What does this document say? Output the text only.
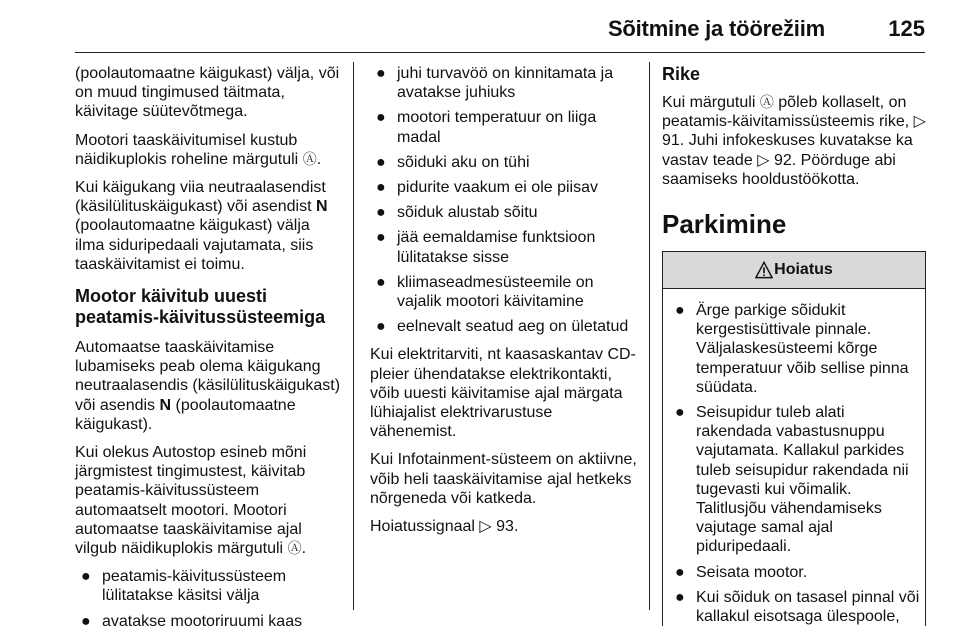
Sõitmine ja töörežiim	125

(poolautomaatne käigukast) välja, või on muud tingimused täitmata, käivitage süütevõtmega.

Mootori taaskäivitumisel kustub näidikuplokis roheline märgutuli Ⓐ.

Kui käigukang viia neutraalasendist (käsilülituskäigukast) või asendist N (poolautomaatne käigukast) välja ilma siduripedaali vajutamata, siis taaskäivitamist ei toimu.

Mootor käivitub uuesti peatamis-käivitussüsteemiga

Automaatse taaskäivitamise lubamiseks peab olema käigukang neutraalasendis (käsilülituskäigukast) või asendis N (poolautomaatne käigukast).

Kui olekus Autostop esineb mõni järgmistest tingimustest, käivitab peatamis-käivitussüsteem automaatselt mootori. Mootori automaatse taaskäivitamise ajal vilgub näidikuplokis märgutuli Ⓐ.

● peatamis-käivitussüsteem lülitatakse käsitsi välja
● avatakse mootoriruumi kaas
● juhi turvavöö on kinnitamata ja avatakse juhiuks
● mootori temperatuur on liiga madal
● sõiduki aku on tühi
● pidurite vaakum ei ole piisav
● sõiduk alustab sõitu
● jää eemaldamise funktsioon lülitatakse sisse
● kliimaseadmesüsteemile on vajalik mootori käivitamine
● eelnevalt seatud aeg on ületatud

Kui elektritarviti, nt kaasaskantav CD-pleier ühendatakse elektrikontakti, võib uuesti käivitamise ajal märgata lühiajalist elektrivarustuse vähenemist.

Kui Infotainment-süsteem on aktiivne, võib heli taaskäivitamise ajal hetkeks nõrgeneda või katkeda.

Hoiatussignaal ▷ 93.

Rike

Kui märgutuli Ⓐ põleb kollaselt, on peatamis-käivitamissüsteemis rike, ▷ 91. Juhi infokeskuses kuvatakse ka vastav teade ▷ 92. Pöörduge abi saamiseks hooldustöökotta.

Parkimine
Hoiatus
● Ärge parkige sõidukit kergestisüttivale pinnale. Väljalaskesüsteemi kõrge temperatuur võib sellise pinna süüdata.
● Seisupidur tuleb alati rakendada vabastusnuppu vajutamata. Kallakul parkides tuleb seisupidur rakendada nii tugevasti kui võimalik. Talitlusjõu vähendamiseks vajutage samal ajal piduripedaali.
● Seisata mootor.
● Kui sõiduk on tasasel pinnal või kallakul eisotsaga ülespoole,
